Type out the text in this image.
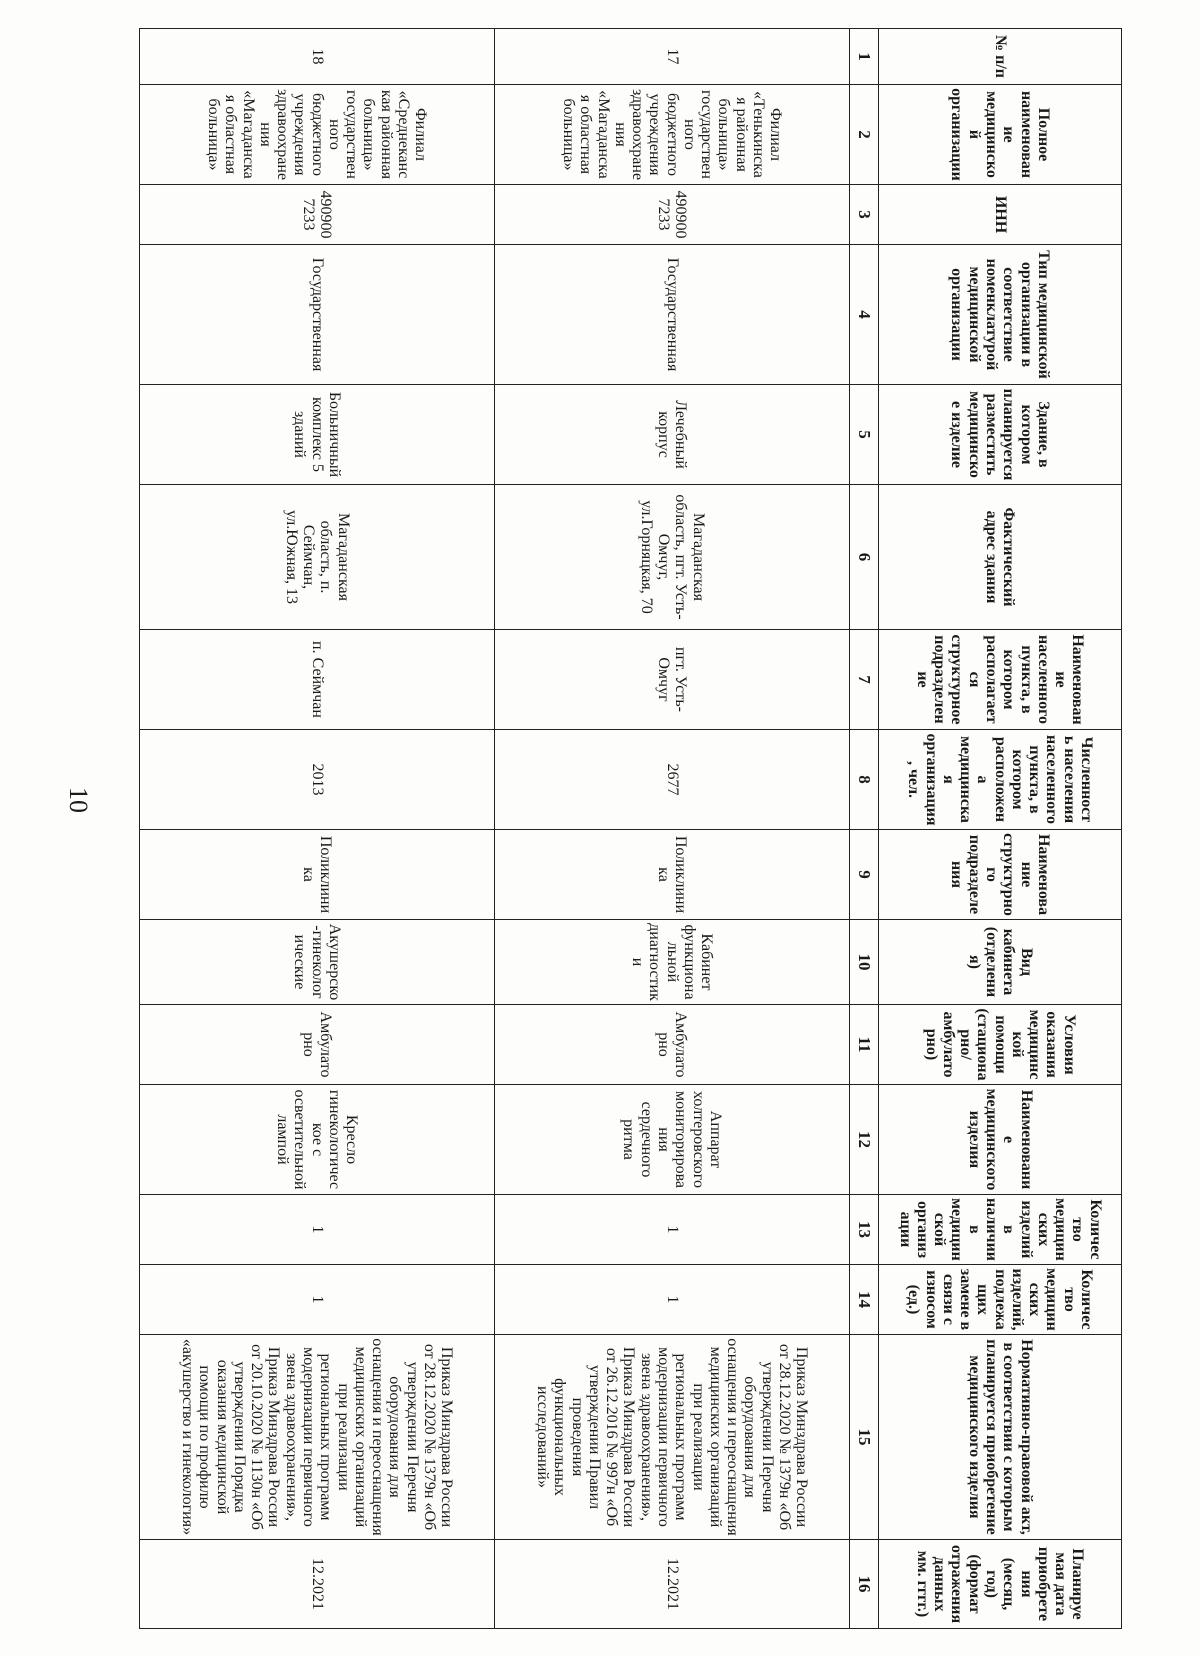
10
№ п/п	Полное наименование медицинской организации	ИНН	Тип медицинской организации в соответствие номенклатурой медицинской организации	Здание, в котором планируется разместить медицинское изделие	Фактический адрес здания	Наименование населенного пункта, в котором располагается структурное подразделение	Численность населения населенного пункта, в котором расположена медицинская организация, чел.	Наименование структурного подразделения	Вид кабинета (отделения)	Условия оказания медицинской помощи (стационарно/ амбулаторно)	Наименование медицинского изделия	Количество медицинских изделий в наличии в медицинской организации	Количество медицинских изделий, подлежащих замене в связи с износом (ед.)	Нормативно-правовой акт, в соответствии с которым планируется приобретение медицинского изделия	Планируемая дата приобретения (месяц, год) (формат отражения данных мм. гггг.)
1	2	3	4	5	6	7	8	9	10	11	12	13	14	15	16
17	Филиал «Тенькинская районная больница» государственного бюджетного учреждения здравоохранения «Магаданская областная больница»	4909007233	Государственная	Лечебный корпус	Магаданская область, пгт. Усть-Омчуг, ул.Горняцкая, 70	пгт. Усть-Омчуг	2677	Поликлиника	Кабинет функциональной диагностики	Амбулаторно	Аппарат холтеровского мониторирования сердечного ритма	1	1	Приказ Минздрава России от 28.12.2020 № 1379н «Об утверждении Перечня оборудования для оснащения и переоснащения медицинских организаций при реализации региональных программ модернизации первичного звена здравоохранения», Приказ Минздрава России от 26.12.2016 № 997н «Об утверждении Правил проведения функциональных исследований»	12.2021
18	Филиал «Среднеканская районная больница» государственного бюджетного учреждения здравоохранения «Магаданская областная больница»	4909007233	Государственная	Больничный комплекс 5 зданий	Магаданская область, п. Сеймчан, ул.Южная, 13	п. Сеймчан	2013	Поликлиника	Акушерско-гинекологические	Амбулаторно	Кресло гинекологическое с осветительной лампой	1	1	Приказ Минздрава России от 28.12.2020 № 1379н «Об утверждении Перечня оборудования для оснащения и переоснащения медицинских организаций при реализации региональных программ модернизации первичного звена здравоохранения», Приказ Минздрава России от 20.10.2020 № 1130н «Об утверждении Порядка оказания медицинской помощи по профилю «акушерство и гинекология»	12.2021
